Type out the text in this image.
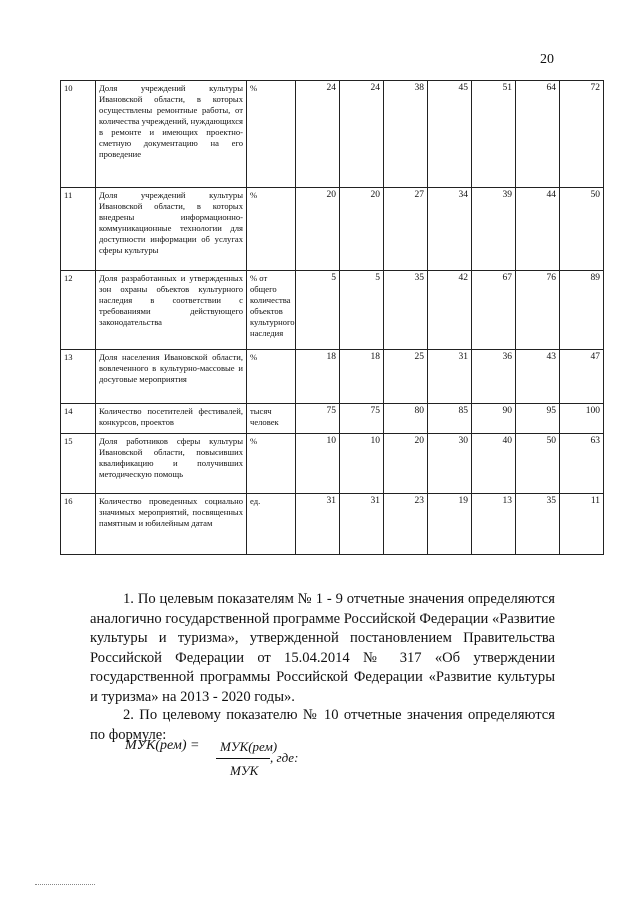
20
10	Доля учреждений культуры Ивановской области, в которых осуществлены ремонтные работы, от количества учреждений, нуждающихся в ремонте и имеющих проектно-сметную документацию на его проведение	%	24	24	38	45	51	64	72
11	Доля учреждений культуры Ивановской области, в которых внедрены информационно-коммуникационные технологии для доступности информации об услугах сферы культуры	%	20	20	27	34	39	44	50
12	Доля разработанных и утвержденных зон охраны объектов культурного наследия в соответствии с требованиями действующего законодательства	% от общего количества объектов культурного наследия	5	5	35	42	67	76	89
13	Доля населения Ивановской области, вовлеченного в культурно-массовые и досуговые мероприятия	%	18	18	25	31	36	43	47
14	Количество посетителей фестивалей, конкурсов, проектов	тысяч человек	75	75	80	85	90	95	100
15	Доля работников сферы культуры Ивановской области, повысивших квалификацию и получивших методическую помощь	%	10	10	20	30	40	50	63
16	Количество проведенных социально значимых мероприятий, посвященных памятным и юбилейным датам	ед.	31	31	23	19	13	35	11
1. По целевым показателям № 1 - 9 отчетные значения определяются аналогично государственной программе Российской Федерации «Развитие культуры и туризма», утвержденной постановлением Правительства Российской Федерации от 15.04.2014 № 317 «Об утверждении государственной программы Российской Федерации «Развитие культуры и туризма» на 2013 - 2020 годы».
2. По целевому показателю № 10 отчетные значения определяются по формуле:
МУК(рем) = МУК(рем)
МУК
, где:
